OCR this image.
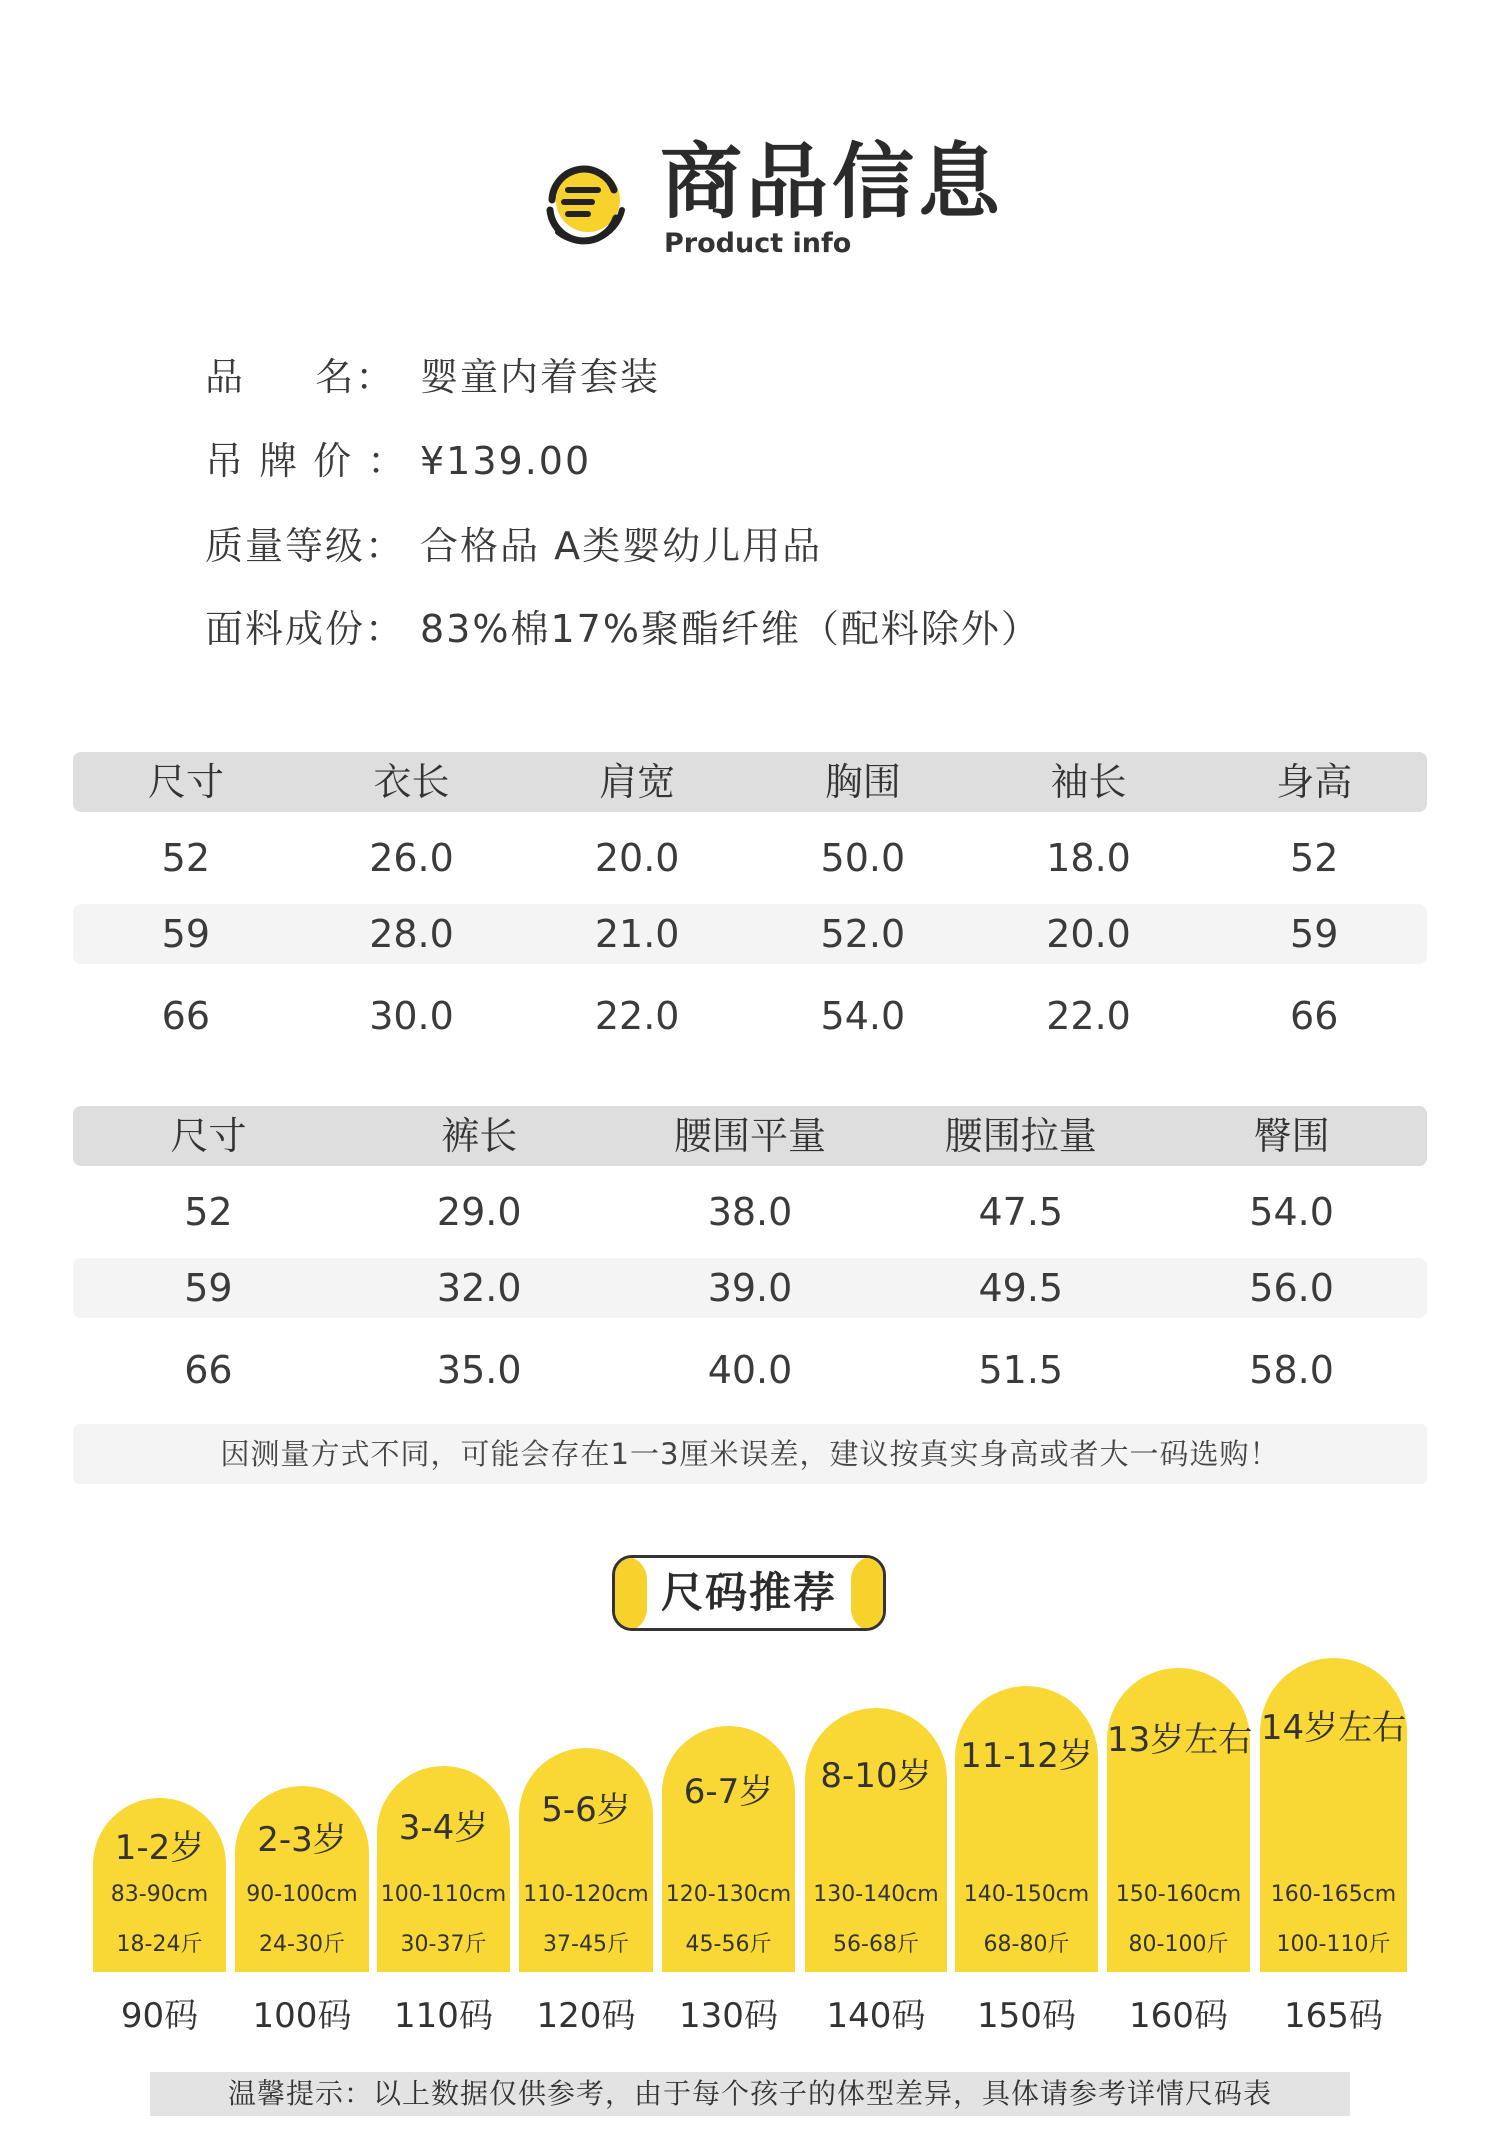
商品信息
Product info
品     名： 婴童内着套装
吊 牌 价 ： ¥139.00
质量等级： 合格品 A类婴幼儿用品
面料成份： 83%棉17%聚酯纤维（配料除外）
尺寸	衣长	肩宽	胸围	袖长	身高
52	26.0	20.0	50.0	18.0	52
59	28.0	21.0	52.0	20.0	59
66	30.0	22.0	54.0	22.0	66
尺寸	裤长	腰围平量	腰围拉量	臀围
52	29.0	38.0	47.5	54.0
59	32.0	39.0	49.5	56.0
66	35.0	40.0	51.5	58.0
因测量方式不同，可能会存在1一3厘米误差，建议按真实身高或者大一码选购！
尺码推荐
1-2岁
83-90cm
18-24斤
2-3岁
90-100cm
24-30斤
3-4岁
100-110cm
30-37斤
5-6岁
110-120cm
37-45斤
6-7岁
120-130cm
45-56斤
8-10岁
130-140cm
56-68斤
11-12岁
140-150cm
68-80斤
13岁左右
150-160cm
80-100斤
14岁左右
160-165cm
100-110斤
90码	100码	110码	120码	130码	140码	150码	160码	165码
温馨提示：以上数据仅供参考，由于每个孩子的体型差异，具体请参考详情尺码表
